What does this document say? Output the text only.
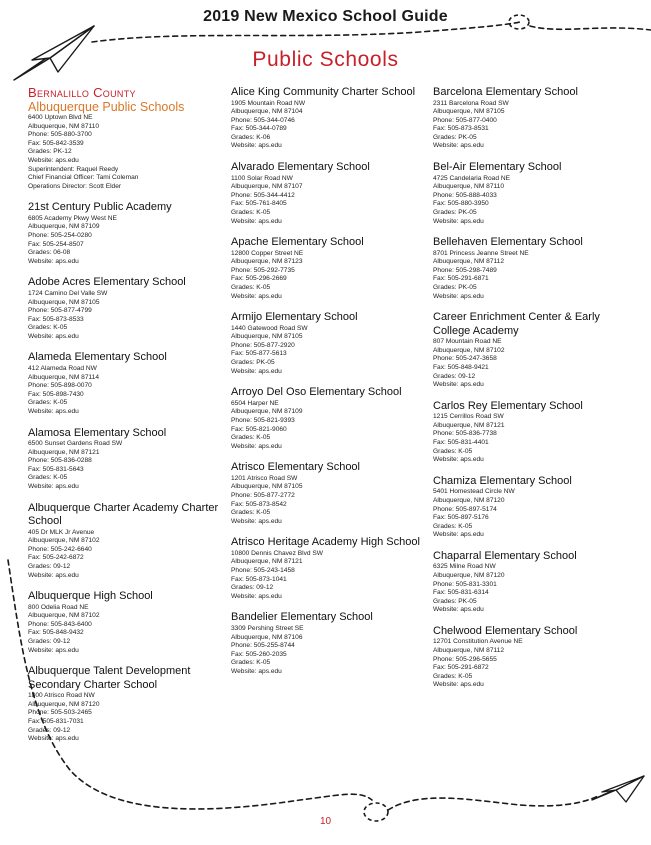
2019 New Mexico School Guide
Public Schools
Bernalillo County
Albuquerque Public Schools
6400 Uptown Blvd NE
Albuquerque, NM 87110
Phone: 505-880-3700
Fax: 505-842-3539
Grades: PK-12
Website: aps.edu
Superintendent: Raquel Reedy
Chief Financial Officer: Tami Coleman
Operations Director: Scott Elder
21st Century Public Academy
6805 Academy Pkwy West NE
Albuquerque, NM 87109
Phone: 505-254-0280
Fax: 505-254-8507
Grades: 06-08
Website: aps.edu
Adobe Acres Elementary School
1724 Camino Del Valle SW
Albuquerque, NM 87105
Phone: 505-877-4799
Fax: 505-873-8533
Grades: K-05
Website: aps.edu
Alameda Elementary School
412 Alameda Road NW
Albuquerque, NM 87114
Phone: 505-898-0070
Fax: 505-898-7430
Grades: K-05
Website: aps.edu
Alamosa Elementary School
6500 Sunset Gardens Road SW
Albuquerque, NM 87121
Phone: 505-836-0288
Fax: 505-831-5643
Grades: K-05
Website: aps.edu
Albuquerque Charter Academy Charter School
405 Dr MLK Jr Avenue
Albuquerque, NM 87102
Phone: 505-242-6640
Fax: 505-242-6872
Grades: 09-12
Website: aps.edu
Albuquerque High School
800 Odelia Road NE
Albuquerque, NM 87102
Phone: 505-843-6400
Fax: 505-848-9432
Grades: 09-12
Website: aps.edu
Albuquerque Talent Development Secondary Charter School
1800 Atrisco Road NW
Albuquerque, NM 87120
Phone: 505-503-2465
Fax: 505-831-7031
Grades: 09-12
Website: aps.edu
Alice King Community Charter School
1905 Mountain Road NW
Albuquerque, NM 87104
Phone: 505-344-0746
Fax: 505-344-0789
Grades: K-06
Website: aps.edu
Alvarado Elementary School
1100 Solar Road NW
Albuquerque, NM 87107
Phone: 505-344-4412
Fax: 505-761-8405
Grades: K-05
Website: aps.edu
Apache Elementary School
12800 Copper Street NE
Albuquerque, NM 87123
Phone: 505-292-7735
Fax: 505-296-2669
Grades: K-05
Website: aps.edu
Armijo Elementary School
1440 Gatewood Road SW
Albuquerque, NM 87105
Phone: 505-877-2920
Fax: 505-877-5613
Grades: PK-05
Website: aps.edu
Arroyo Del Oso Elementary School
6504 Harper NE
Albuquerque, NM 87109
Phone: 505-821-9393
Fax: 505-821-9060
Grades: K-05
Website: aps.edu
Atrisco Elementary School
1201 Atrisco Road SW
Albuquerque, NM 87105
Phone: 505-877-2772
Fax: 505-873-8542
Grades: K-05
Website: aps.edu
Atrisco Heritage Academy High School
10800 Dennis Chavez Blvd SW
Albuquerque, NM 87121
Phone: 505-243-1458
Fax: 505-873-1041
Grades: 09-12
Website: aps.edu
Bandelier Elementary School
3309 Pershing Street SE
Albuquerque, NM 87106
Phone: 505-255-8744
Fax: 505-260-2035
Grades: K-05
Website: aps.edu
Barcelona Elementary School
2311 Barcelona Road SW
Albuquerque, NM 87105
Phone: 505-877-0400
Fax: 505-873-8531
Grades: PK-05
Website: aps.edu
Bel-Air Elementary School
4725 Candelaria Road NE
Albuquerque, NM 87110
Phone: 505-888-4033
Fax: 505-880-3950
Grades: PK-05
Website: aps.edu
Bellehaven Elementary School
8701 Princess Jeanne Street NE
Albuquerque, NM 87112
Phone: 505-298-7489
Fax: 505-291-6871
Grades: PK-05
Website: aps.edu
Career Enrichment Center & Early College Academy
807 Mountain Road NE
Albuquerque, NM 87102
Phone: 505-247-3658
Fax: 505-848-9421
Grades: 09-12
Website: aps.edu
Carlos Rey Elementary School
1215 Cerrillos Road SW
Albuquerque, NM 87121
Phone: 505-836-7738
Fax: 505-831-4401
Grades: K-05
Website: aps.edu
Chamiza Elementary School
5401 Homestead Circle NW
Albuquerque, NM 87120
Phone: 505-897-5174
Fax: 505-897-5176
Grades: K-05
Website: aps.edu
Chaparral Elementary School
6325 Milne Road NW
Albuquerque, NM 87120
Phone: 505-831-3301
Fax: 505-831-6314
Grades: PK-05
Website: aps.edu
Chelwood Elementary School
12701 Constitution Avenue NE
Albuquerque, NM 87112
Phone: 505-296-5655
Fax: 505-291-6872
Grades: K-05
Website: aps.edu
10
